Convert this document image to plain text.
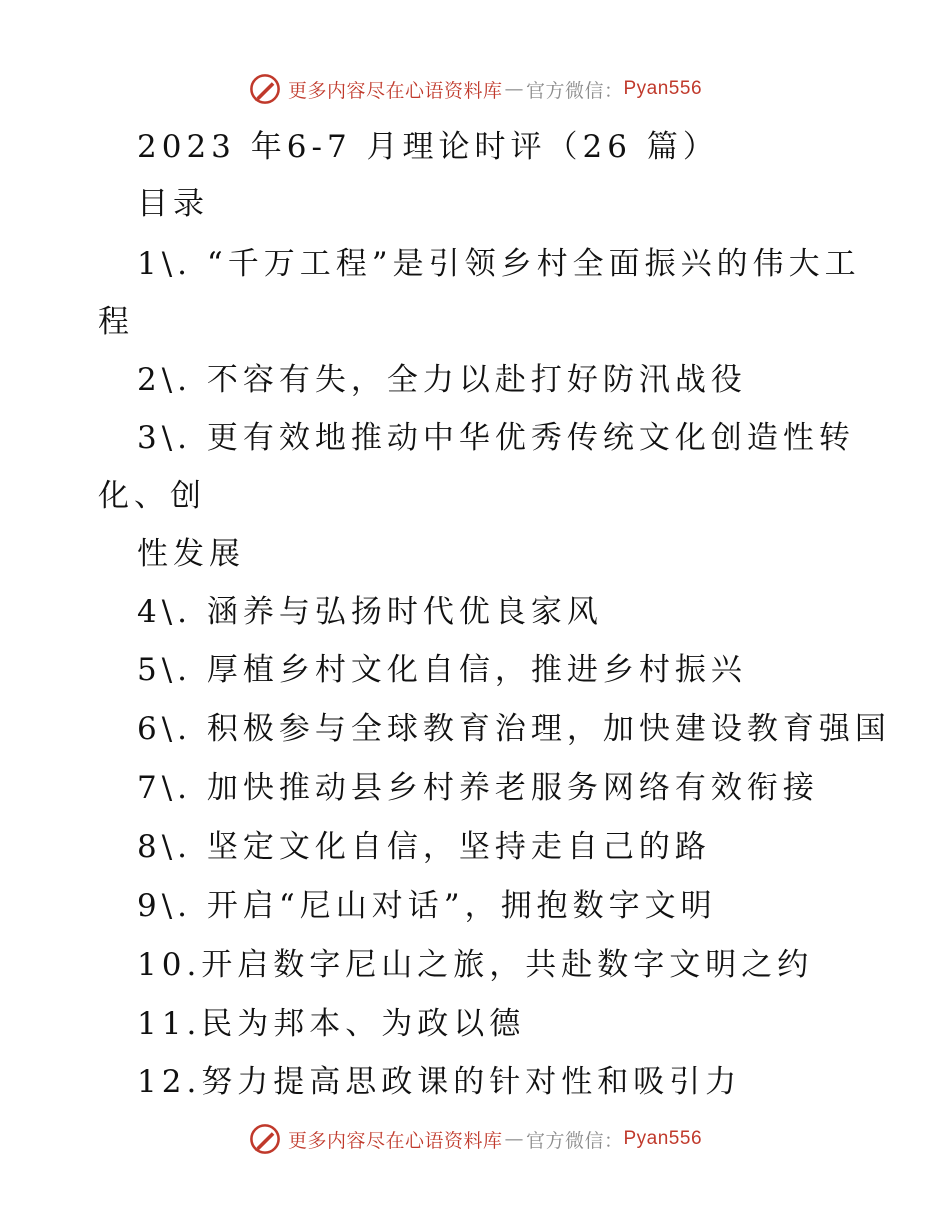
更多内容尽在心语资料库 — 官方微信： Pyan556
2023 年6-7 月理论时评（26 篇）
目录
1\. “千万工程”是引领乡村全面振兴的伟大工
程
2\. 不容有失，全力以赴打好防汛战役
3\. 更有效地推动中华优秀传统文化创造性转
化、创
性发展
4\. 涵养与弘扬时代优良家风
5\. 厚植乡村文化自信，推进乡村振兴
6\. 积极参与全球教育治理，加快建设教育强国
7\. 加快推动县乡村养老服务网络有效衔接
8\. 坚定文化自信，坚持走自己的路
9\. 开启“尼山对话”，拥抱数字文明
10.开启数字尼山之旅，共赴数字文明之约
11.民为邦本、为政以德
12.努力提高思政课的针对性和吸引力
更多内容尽在心语资料库 — 官方微信： Pyan556
